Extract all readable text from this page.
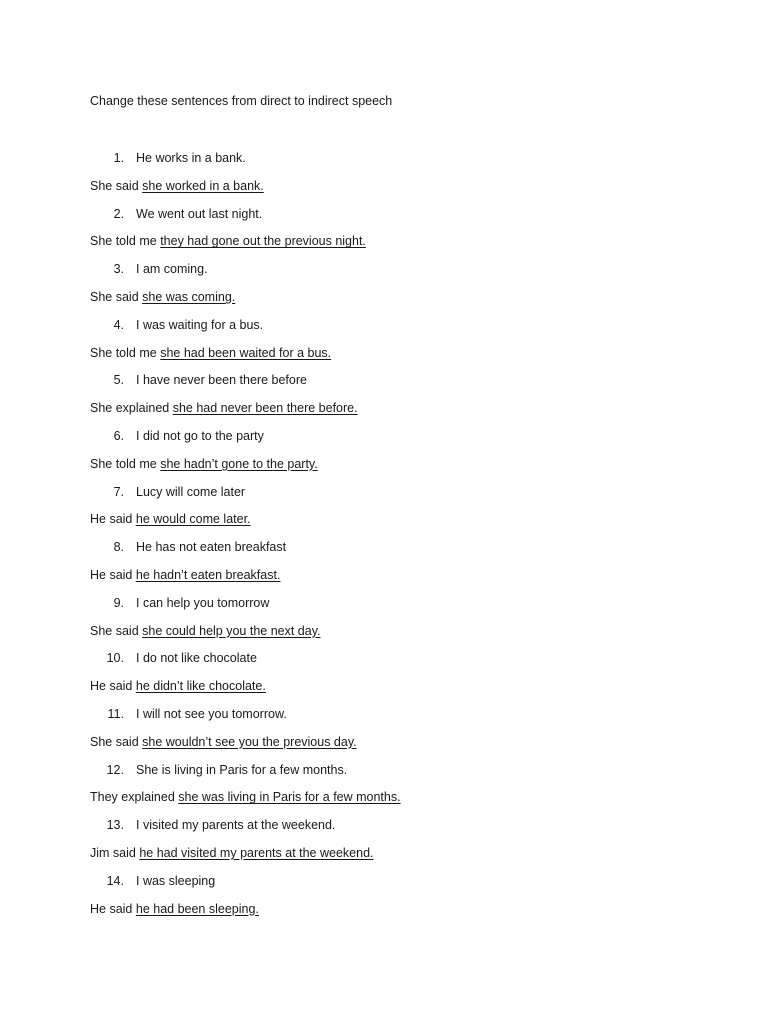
Change these sentences from direct to indirect speech
1. He works in a bank.
She said she worked in a bank.
2. We went out last night.
She told me they had gone out the previous night.
3. I am coming.
She said she was coming.
4. I was waiting for a bus.
She told me she had been waited for a bus.
5. I have never been there before
She explained she had never been there before.
6. I did not go to the party
She told me she hadn’t gone to the party.
7. Lucy will come later
He said he would come later.
8. He has not eaten breakfast
He said he hadn’t eaten breakfast.
9. I can help you tomorrow
She said she could help you the next day.
10. I do not like chocolate
He said he didn’t like chocolate.
11. I will not see you tomorrow.
She said she wouldn’t see you the previous day.
12. She is living in Paris for a few months.
They explained she was living in Paris for a few months.
13. I visited my parents at the weekend.
Jim said he had visited my parents at the weekend.
14. I was sleeping
He said he had been sleeping.
